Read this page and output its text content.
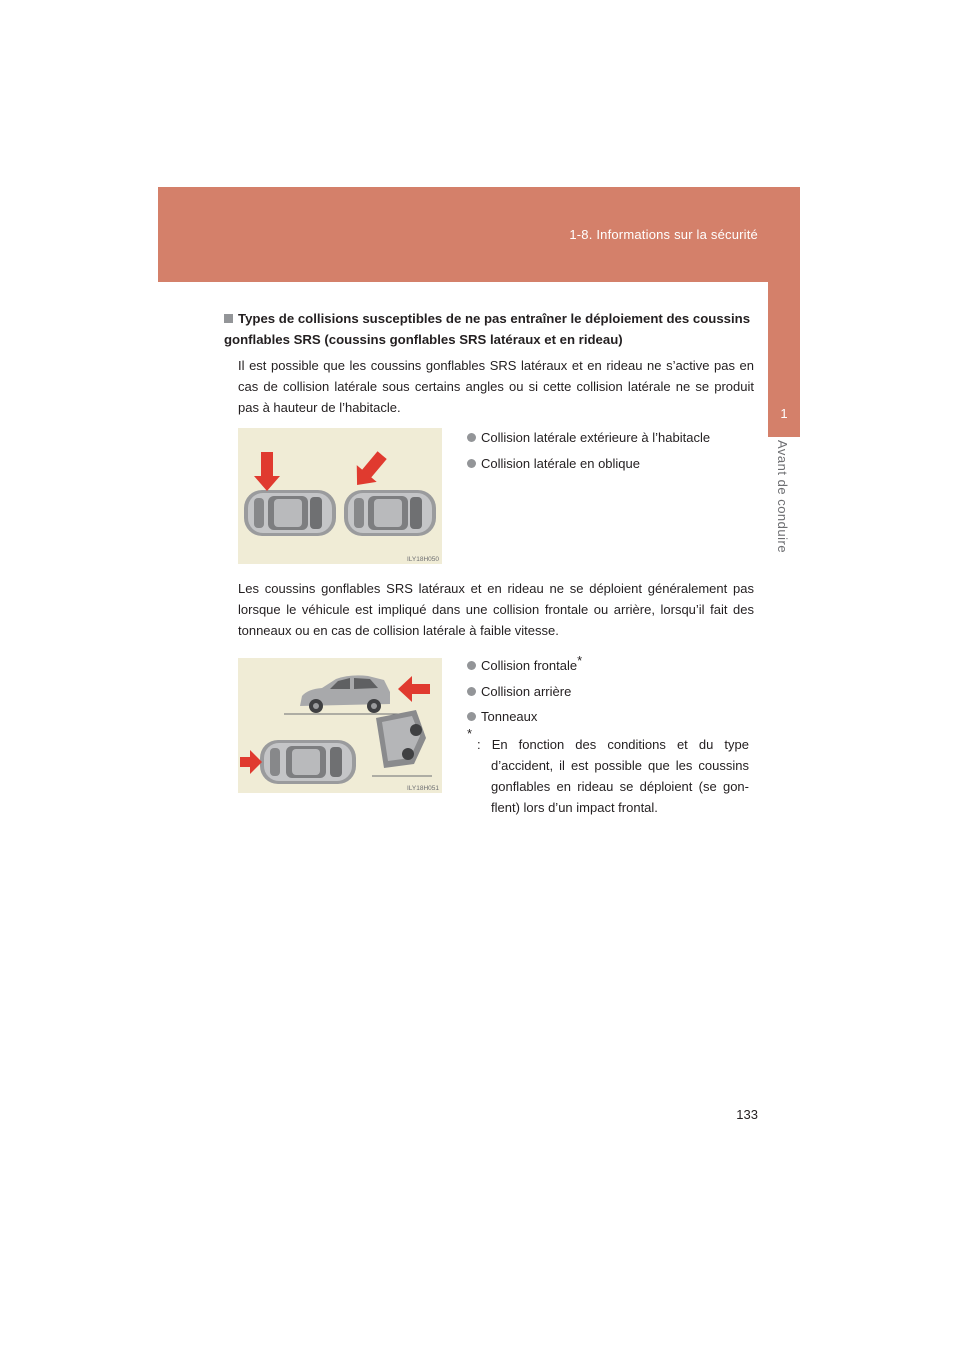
1-8. Informations sur la sécurité
1
Avant de conduire
Types de collisions susceptibles de ne pas entraîner le déploiement des coussins gonflables SRS (coussins gonflables SRS latéraux et en rideau)
Il est possible que les coussins gonflables SRS latéraux et en rideau ne s’active pas en cas de collision latérale sous certains angles ou si cette collision latérale ne se produit pas à hauteur de l’habitacle.
ILY18H050
Collision latérale extérieure à l’habitacle
Collision latérale en oblique
Les coussins gonflables SRS latéraux et en rideau ne se déploient généralement pas lorsque le véhicule est impliqué dans une collision frontale ou arrière, lorsqu’il fait des tonneaux ou en cas de collision latérale à faible vitesse.
ILY18H051
Collision frontale*
Collision arrière
Tonneaux
*
: En fonction des conditions et du type d’accident, il est possible que les coussins gonflables en rideau se déploient (se gon-flent) lors d’un impact frontal.
133
